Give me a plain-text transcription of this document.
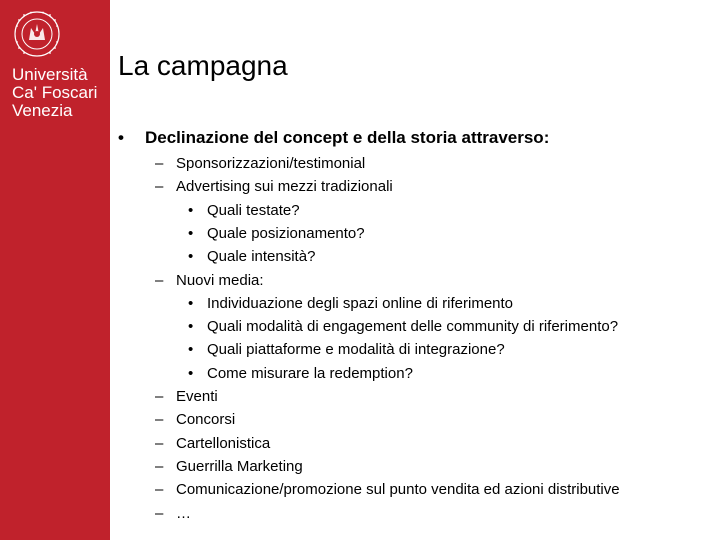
Università
Ca' Foscari
Venezia
La campagna
• Declinazione del concept e della storia attraverso:
– Sponsorizzazioni/testimonial
– Advertising sui mezzi tradizionali
• Quali testate?
• Quale posizionamento?
• Quale intensità?
– Nuovi media:
• Individuazione degli spazi online di riferimento
• Quali modalità di engagement delle community di riferimento?
• Quali piattaforme e modalità di integrazione?
• Come misurare la redemption?
– Eventi
– Concorsi
– Cartellonistica
– Guerrilla Marketing
– Comunicazione/promozione sul punto vendita ed azioni distributive
– …
